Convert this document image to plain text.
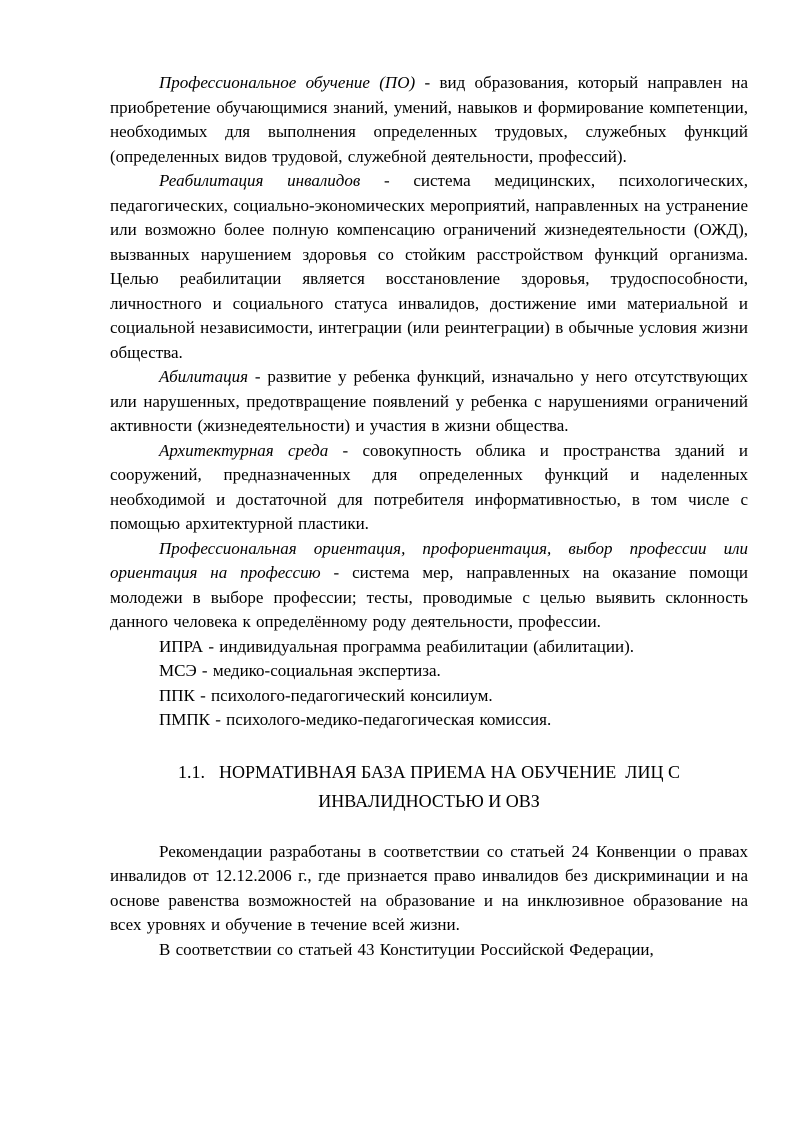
Профессиональное обучение (ПО) - вид образования, который направлен на приобретение обучающимися знаний, умений, навыков и формирование компетенции, необходимых для выполнения определенных трудовых, служебных функций (определенных видов трудовой, служебной деятельности, профессий).

Реабилитация инвалидов - система медицинских, психологических, педагогических, социально-экономических мероприятий, направленных на устранение или возможно более полную компенсацию ограничений жизнедеятельности (ОЖД), вызванных нарушением здоровья со стойким расстройством функций организма. Целью реабилитации является восстановление здоровья, трудоспособности, личностного и социального статуса инвалидов, достижение ими материальной и социальной независимости, интеграции (или реинтеграции) в обычные условия жизни общества.

Абилитация - развитие у ребенка функций, изначально у него отсутствующих или нарушенных, предотвращение появлений у ребенка с нарушениями ограничений активности (жизнедеятельности) и участия в жизни общества.

Архитектурная среда - совокупность облика и пространства зданий и сооружений, предназначенных для определенных функций и наделенных необходимой и достаточной для потребителя информативностью, в том числе с помощью архитектурной пластики.

Профессиональная ориентация, профориентация, выбор профессии или ориентация на профессию - система мер, направленных на оказание помощи молодежи в выборе профессии; тесты, проводимые с целью выявить склонность данного человека к определённому роду деятельности, профессии.

ИПРА - индивидуальная программа реабилитации (абилитации).

МСЭ - медико-социальная экспертиза.

ППК - психолого-педагогический консилиум.

ПМПК - психолого-медико-педагогическая комиссия.

1.1. НОРМАТИВНАЯ БАЗА ПРИЕМА НА ОБУЧЕНИЕ  ЛИЦ С ИНВАЛИДНОСТЬЮ И ОВЗ

Рекомендации разработаны в соответствии со статьей 24 Конвенции о правах инвалидов от 12.12.2006 г., где признается право инвалидов без дискриминации и на основе равенства возможностей на образование и на инклюзивное образование на всех уровнях и обучение в течение всей жизни.

В соответствии со статьей 43 Конституции Российской Федерации,
